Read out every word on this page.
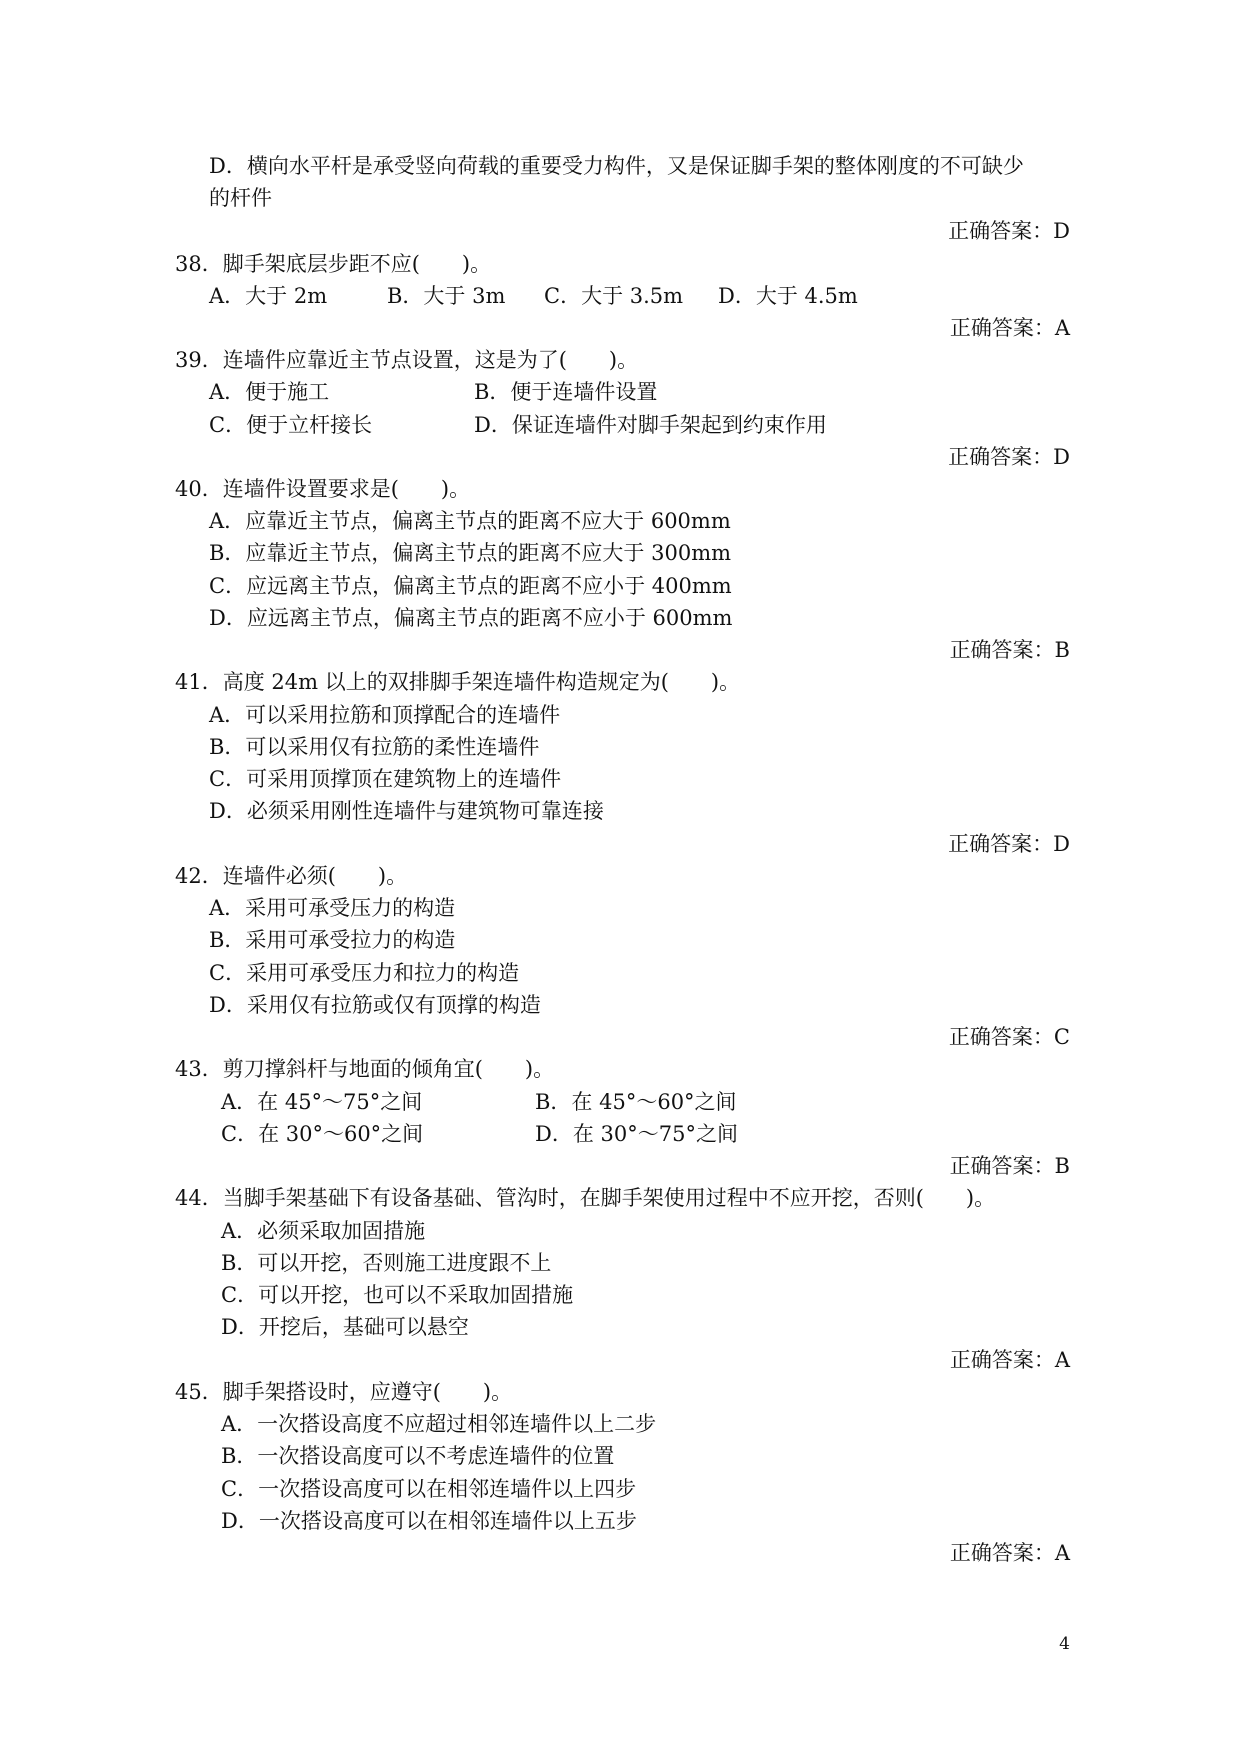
D．横向水平杆是承受竖向荷载的重要受力构件，又是保证脚手架的整体刚度的不可缺少
的杆件
正确答案：D
38．脚手架底层步距不应(　　)。
A．大于 2m	B．大于 3m C．大于 3.5m D．大于 4.5m
正确答案：A
39．连墙件应靠近主节点设置，这是为了(　　)。
A．便于施工	B．便于连墙件设置
C．便于立杆接长	D．保证连墙件对脚手架起到约束作用
正确答案：D
40．连墙件设置要求是(　　)。
A．应靠近主节点，偏离主节点的距离不应大于 600mm
B．应靠近主节点，偏离主节点的距离不应大于 300mm
C．应远离主节点，偏离主节点的距离不应小于 400mm
D．应远离主节点，偏离主节点的距离不应小于 600mm
正确答案：B
41．高度 24m 以上的双排脚手架连墙件构造规定为(　　)。
A．可以采用拉筋和顶撑配合的连墙件
B．可以采用仅有拉筋的柔性连墙件
C．可采用顶撑顶在建筑物上的连墙件
D．必须采用刚性连墙件与建筑物可靠连接
正确答案：D
42．连墙件必须(　　)。
A．采用可承受压力的构造
B．采用可承受拉力的构造
C．采用可承受压力和拉力的构造
D．采用仅有拉筋或仅有顶撑的构造
正确答案：C
43．剪刀撑斜杆与地面的倾角宜(　　)。
A．在 45°～75°之间	B．在 45°～60°之间
C．在 30°～60°之间	D．在 30°～75°之间
正确答案：B
44．当脚手架基础下有设备基础、管沟时，在脚手架使用过程中不应开挖，否则(　　)。
A．必须采取加固措施
B．可以开挖，否则施工进度跟不上
C．可以开挖，也可以不采取加固措施
D．开挖后，基础可以悬空
正确答案：A
45．脚手架搭设时，应遵守(　　)。
A．一次搭设高度不应超过相邻连墙件以上二步
B．一次搭设高度可以不考虑连墙件的位置
C．一次搭设高度可以在相邻连墙件以上四步
D．一次搭设高度可以在相邻连墙件以上五步
正确答案：A
4
